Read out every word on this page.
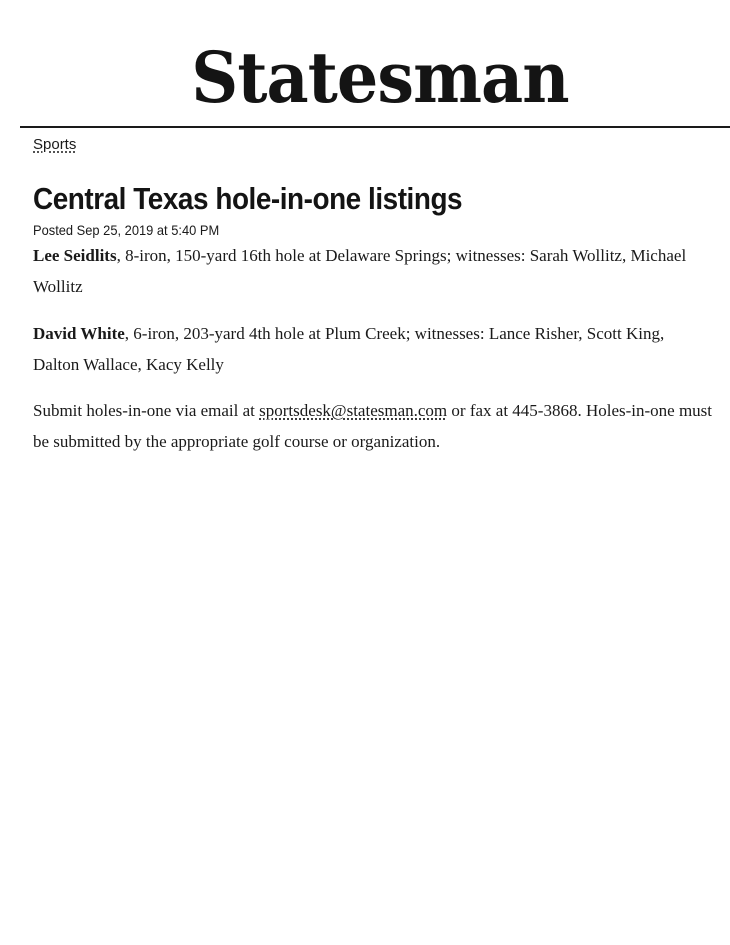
Statesman
Sports
Central Texas hole-in-one listings
Posted Sep 25, 2019 at 5:40 PM

Lee Seidlits, 8-iron, 150-yard 16th hole at Delaware Springs; witnesses: Sarah Wollitz, Michael Wollitz

David White, 6-iron, 203-yard 4th hole at Plum Creek; witnesses: Lance Risher, Scott King, Dalton Wallace, Kacy Kelly

Submit holes-in-one via email at sportsdesk@statesman.com or fax at 445-3868. Holes-in-one must be submitted by the appropriate golf course or organization.
